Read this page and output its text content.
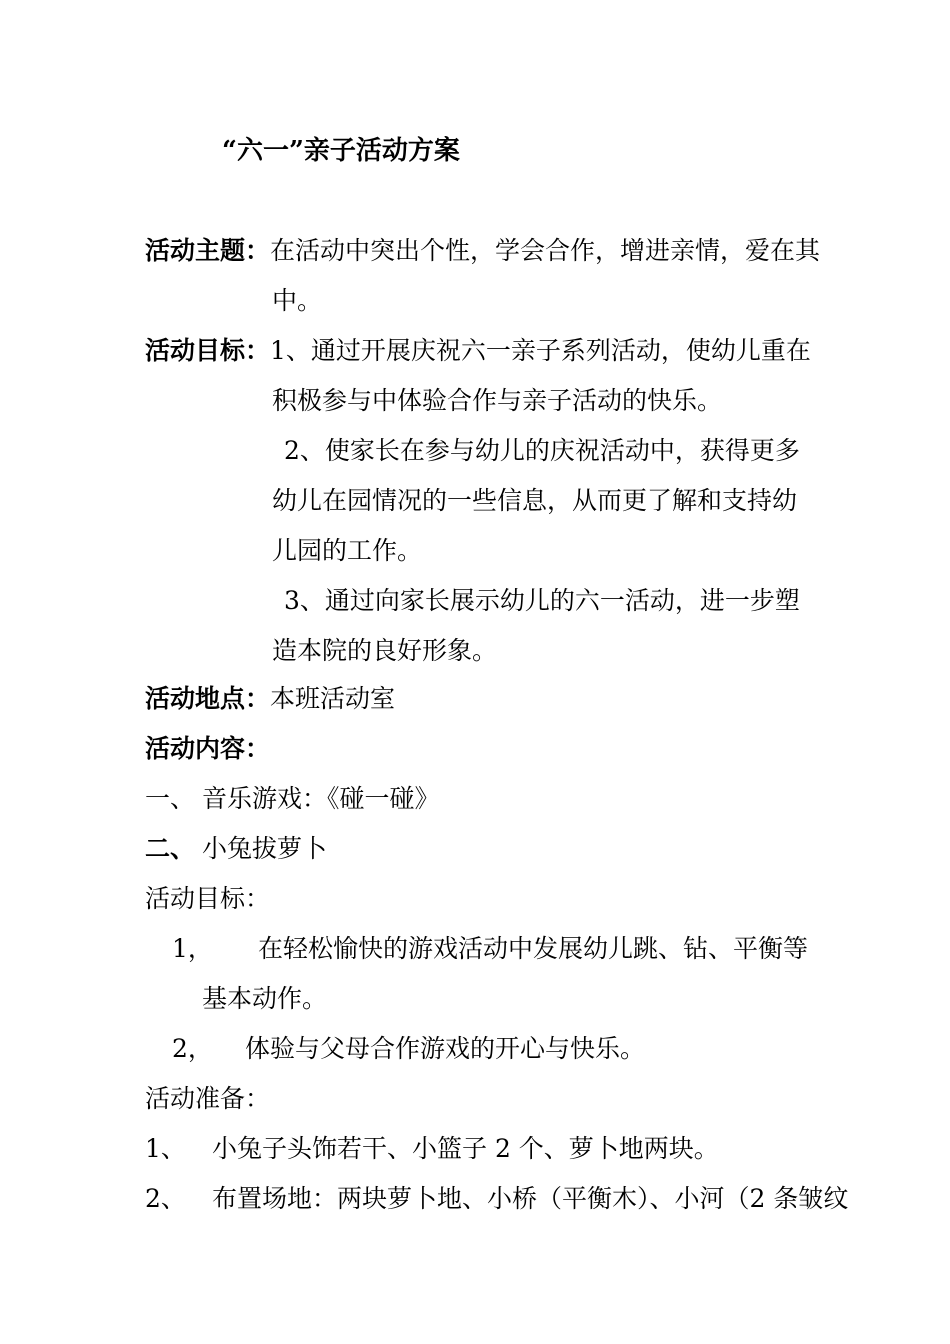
“六一”亲子活动方案
活动主题：在活动中突出个性，学会合作，增进亲情，爱在其
中。
活动目标：1、通过开展庆祝六一亲子系列活动，使幼儿重在
积极参与中体验合作与亲子活动的快乐。
2、使家长在参与幼儿的庆祝活动中，获得更多
幼儿在园情况的一些信息，从而更了解和支持幼
儿园的工作。
3、通过向家长展示幼儿的六一活动，进一步塑
造本院的良好形象。
活动地点：本班活动室
活动内容：
一、 音乐游戏：《碰一碰》
二、 小兔拔萝卜
活动目标：
1， 在轻松愉快的游戏活动中发展幼儿跳、钻、平衡等
基本动作。
2， 体验与父母合作游戏的开心与快乐。
活动准备：
1、 小兔子头饰若干、小篮子 2 个、萝卜地两块。
2、 布置场地：两块萝卜地、小桥（平衡木）、小河（2 条皱纹
